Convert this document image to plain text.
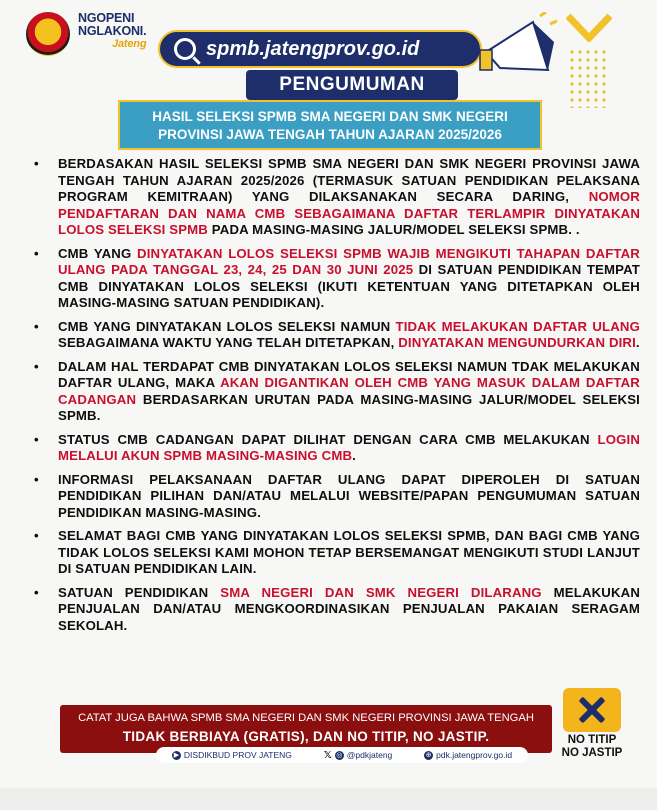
NGOPENI
NGLAKONI.
Jateng	spmb.jatengprov.go.id
PENGUMUMAN
HASIL SELEKSI SPMB SMA NEGERI DAN SMK NEGERI
PROVINSI JAWA TENGAH TAHUN AJARAN 2025/2026
• BERDASAKAN HASIL SELEKSI SPMB SMA NEGERI DAN SMK NEGERI PROVINSI JAWA TENGAH TAHUN AJARAN 2025/2026 (TERMASUK SATUAN PENDIDIKAN PELAKSANA PROGRAM KEMITRAAN) YANG DILAKSANAKAN SECARA DARING, NOMOR PENDAFTARAN DAN NAMA CMB SEBAGAIMANA DAFTAR TERLAMPIR DINYATAKAN LOLOS SELEKSI SPMB PADA MASING-MASING JALUR/MODEL SELEKSI SPMB. .
• CMB YANG DINYATAKAN LOLOS SELEKSI SPMB WAJIB MENGIKUTI TAHAPAN DAFTAR ULANG PADA TANGGAL 23, 24, 25 DAN 30 JUNI 2025 DI SATUAN PENDIDIKAN TEMPAT CMB DINYATAKAN LOLOS SELEKSI (IKUTI KETENTUAN YANG DITETAPKAN OLEH MASING-MASING SATUAN PENDIDIKAN).
• CMB YANG DINYATAKAN LOLOS SELEKSI NAMUN TIDAK MELAKUKAN DAFTAR ULANG SEBAGAIMANA WAKTU YANG TELAH DITETAPKAN, DINYATAKAN MENGUNDURKAN DIRI.
• DALAM HAL TERDAPAT CMB DINYATAKAN LOLOS SELEKSI NAMUN TDAK MELAKUKAN DAFTAR ULANG, MAKA AKAN DIGANTIKAN OLEH CMB YANG MASUK DALAM DAFTAR CADANGAN BERDASARKAN URUTAN PADA MASING-MASING JALUR/MODEL SELEKSI SPMB.
• STATUS CMB CADANGAN DAPAT DILIHAT DENGAN CARA CMB MELAKUKAN LOGIN MELALUI AKUN SPMB MASING-MASING CMB.
• INFORMASI PELAKSANAAN DAFTAR ULANG DAPAT DIPEROLEH DI SATUAN PENDIDIKAN PILIHAN DAN/ATAU MELALUI WEBSITE/PAPAN PENGUMUMAN SATUAN PENDIDIKAN MASING-MASING.
• SELAMAT BAGI CMB YANG DINYATAKAN LOLOS SELEKSI SPMB, DAN BAGI CMB YANG TIDAK LOLOS SELEKSI KAMI MOHON TETAP BERSEMANGAT MENGIKUTI STUDI LANJUT DI SATUAN PENDIDIKAN LAIN.
• SATUAN PENDIDIKAN SMA NEGERI DAN SMK NEGERI DILARANG MELAKUKAN PENJUALAN DAN/ATAU MENGKOORDINASIKAN PENJUALAN PAKAIAN SERAGAM SEKOLAH.
CATAT JUGA BAHWA SPMB SMA NEGERI DAN SMK NEGERI PROVINSI JAWA TENGAH
TIDAK BERBIAYA (GRATIS), DAN NO TITIP, NO JASTIP.	NO TITIP
NO JASTIP
▶ DISDIKBUD PROV JATENG	𝕏 ◎ @pdkjateng	⊕ pdk.jatengprov.go.id
